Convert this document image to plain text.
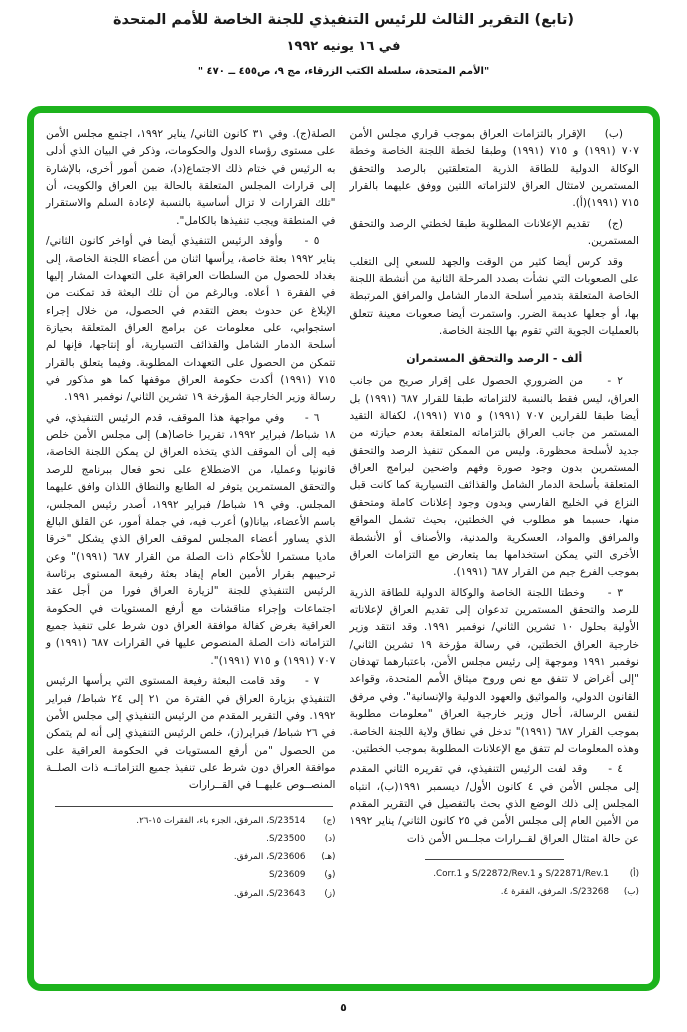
(تابع) التقرير الثالث للرئيس التنفيذي للجنة الخاصة للأمم المتحدة
في ١٦ يونيه ١٩٩٢
"الأمم المتحدة، سلسلة الكتب الزرقاء، مج ٩، ص٤٥٥ ــ ٤٧٠ "

(ب)    الإقرار بالتزامات العراق بموجب قراري مجلس الأمن ٧٠٧ (١٩٩١) و ٧١٥ (١٩٩١) وطبقا لخطة اللجنة الخاصة وخطة الوكالة الدولية للطاقة الذرية المتعلقتين بالرصد والتحقق المستمرين لامتثال العراق لالتزاماته اللتين ووفق عليهما بالقرار ٧١٥ (١٩٩١)(أ).

(ج)    تقديم الإعلانات المطلوبة طبقا لخطتي الرصد والتحقق المستمرين.

وقد كرس أيضا كثير من الوقت والجهد للسعي إلى التغلب على الصعوبات التي نشأت بصدد المرحلة الثانية من أنشطة اللجنة الخاصة المتعلقة بتدمير أسلحة الدمار الشامل والمرافق المرتبطة بها، أو جعلها عديمة الضرر. واستمرت أيضا صعوبات معينة تتعلق بالعمليات الجوية التي تقوم بها اللجنة الخاصة.

ألف - الرصد والتحقق المستمران

٢ -    من الضروري الحصول على إقرار صريح من جانب العراق، ليس فقط بالنسبة لالتزاماته طبقا للقرار ٦٨٧ (١٩٩١) بل أيضا طبقا للقرارين ٧٠٧ (١٩٩١) و ٧١٥ (١٩٩١)، لكفالة التقيد المستمر من جانب العراق بالتزاماته المتعلقة بعدم حيازته من جديد لأسلحة محظورة. وليس من الممكن تنفيذ الرصد والتحقق المستمرين بدون وجود صورة وفهم واضحين لبرامج العراق المتعلقة بأسلحة الدمار الشامل والقذائف التسيارية كما كانت قبل النزاع في الخليج الفارسي وبدون وجود إعلانات كاملة ومتحقق منها، حسبما هو مطلوب في الخطتين، بحيث تشمل المواقع والمرافق والمواد، العسكرية والمدنية، والأصناف أو الأنشطة الأخرى التي يمكن استخدامها بما يتعارض مع التزامات العراق بموجب الفرع جيم من القرار ٦٨٧ (١٩٩١).

٣ -    وخطتا اللجنة الخاصة والوكالة الدولية للطاقة الذرية للرصد والتحقق المستمرين تدعوان إلى تقديم العراق لإعلاناته الأولية بحلول ١٠ تشرين الثاني/ نوفمبر ١٩٩١. وقد انتقد وزير خارجية العراق الخطتين، في رسالة مؤرخة ١٩ تشرين الثاني/ نوفمبر ١٩٩١ وموجهة إلى رئيس مجلس الأمن، باعتبارهما تهدفان "إلى أغراض لا تتفق مع نص وروح ميثاق الأمم المتحدة، وقواعد القانون الدولي، والمواثيق والعهود الدولية والإنسانية". وفي مرفق لنفس الرسالة، أحال وزير خارجية العراق "معلومات مطلوبة بموجب القرار ٦٨٧ (١٩٩١)" تدخل في نطاق ولاية اللجنة الخاصة. وهذه المعلومات لم تتفق مع الإعلانات المطلوبة بموجب الخطتين.

٤ -    وقد لفت الرئيس التنفيذي، في تقريره الثاني المقدم إلى مجلس الأمن في ٤ كانون الأول/ ديسمبر ١٩٩١(ب)، انتباه المجلس إلى ذلك الوضع الذي بحث بالتفصيل في التقرير المقدم من الأمين العام إلى مجلس الأمن في ٢٥ كانون الثاني/ يناير ١٩٩٢ عن حالة امتثال العراق لقــرارات مجلــس الأمن ذات

(أ)
S/22871/Rev.1 و S/22872/Rev.1 و Corr.1.
(ب)
S/23268، المرفق، الفقرة ٤.

الصلة(ج). وفي ٣١ كانون الثاني/ يناير ١٩٩٢، اجتمع مجلس الأمن على مستوى رؤساء الدول والحكومات، وذكر في البيان الذي أدلى به الرئيس في ختام ذلك الاجتماع(د)، ضمن أمور أخرى، بالإشارة إلى قرارات المجلس المتعلقة بالحالة بين العراق والكويت، أن "تلك القرارات لا تزال أساسية بالنسبة لإعادة السلم والاستقرار في المنطقة ويجب تنفيذها بالكامل".

٥ -    وأوفد الرئيس التنفيذي أيضا في أواخر كانون الثاني/ يناير ١٩٩٢ بعثة خاصة، يرأسها اثنان من أعضاء اللجنة الخاصة، إلى بغداد للحصول من السلطات العراقية على التعهدات المشار إليها في الفقرة ١ أعلاه. وبالرغم من أن تلك البعثة قد تمكنت من الإبلاغ عن حدوث بعض التقدم في الحصول، من خلال إجراء استجوابي، على معلومات عن برامج العراق المتعلقة بحيازة أسلحة الدمار الشامل والقذائف التسيارية، أو إنتاجها، فإنها لم تتمكن من الحصول على التعهدات المطلوبة. وفيما يتعلق بالقرار ٧١٥ (١٩٩١) أكدت حكومة العراق موقفها كما هو مذكور في رسالة وزير الخارجية المؤرخة ١٩ تشرين الثاني/ نوفمبر ١٩٩١.

٦ -    وفي مواجهة هذا الموقف، قدم الرئيس التنفيذي، في ١٨ شباط/ فبراير ١٩٩٢، تقريرا خاصا(هـ) إلى مجلس الأمن خلص فيه إلى أن الموقف الذي يتخذه العراق لن يمكن اللجنة الخاصة، قانونيا وعمليا، من الاضطلاع على نحو فعال ببرنامج للرصد والتحقق المستمرين يتوفر له الطابع والنطاق اللذان وافق عليهما المجلس. وفي ١٩ شباط/ فبراير ١٩٩٢، أصدر رئيس المجلس، باسم الأعضاء، بيانا(و) أعرب فيه، في جملة أمور، عن القلق البالغ الذي يساور أعضاء المجلس لموقف العراق الذي يشكل "خرقا ماديا مستمرا للأحكام ذات الصلة من القرار ٦٨٧ (١٩٩١)" وعن ترحيبهم بقرار الأمين العام إيفاد بعثة رفيعة المستوى برئاسة الرئيس التنفيذي للجنة "لزيارة العراق فورا من أجل عقد اجتماعات وإجراء مناقشات مع أرفع المستويات في الحكومة العراقية بغرض كفالة موافقة العراق دون شرط على تنفيذ جميع التزاماته ذات الصلة المنصوص عليها في القرارات ٦٨٧ (١٩٩١) و ٧٠٧ (١٩٩١) و ٧١٥ (١٩٩١)".

٧ -    وقد قامت البعثة رفيعة المستوى التي يرأسها الرئيس التنفيذي بزيارة العراق في الفترة من ٢١ إلى ٢٤ شباط/ فبراير ١٩٩٢. وفي التقرير المقدم من الرئيس التنفيذي إلى مجلس الأمن في ٢٦ شباط/ فبراير(ز)، خلص الرئيس التنفيذي إلى أنه لم يتمكن من الحصول "من أرفع المستويات في الحكومة العراقية على موافقة العراق دون شرط على تنفيذ جميع التزاماتــه ذات الصلــة المنصــوص عليهــا في القــرارات

(ج)
S/23514، المرفق، الجزء باء، الفقرات ١٥-٢٦.
(د)
S/23500.
(هـ)
S/23606، المرفق.
(و)
S/23609
(ز)
S/23643، المرفق.
٥
